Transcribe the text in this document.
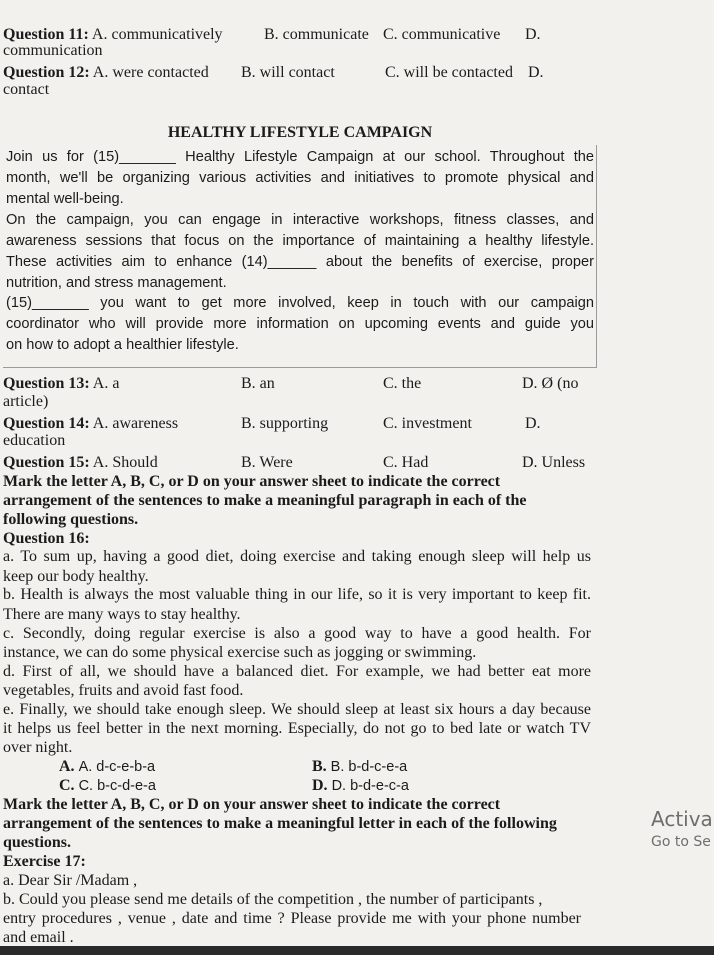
Question 11: A. communicatively	B. communicate C. communicative D.
communication
Question 12: A. were contacted B. will contact	C. will be contacted D.
contact
HEALTHY LIFESTYLE CAMPAIGN
Join us for (15)_______ Healthy Lifestyle Campaign at our school. Throughout the
month, we'll be organizing various activities and initiatives to promote physical and
mental well-being.
On the campaign, you can engage in interactive workshops, fitness classes, and
awareness sessions that focus on the importance of maintaining a healthy lifestyle.
These activities aim to enhance (14)______ about the benefits of exercise, proper
nutrition, and stress management.
(15)_______ you want to get more involved, keep in touch with our campaign
coordinator who will provide more information on upcoming events and guide you
on how to adopt a healthier lifestyle.
Question 13: A. a	B. an	C. the	D. Ø (no
article)
Question 14: A. awareness	B. supporting	C. investment	D.
education
Question 15: A. Should	B. Were	C. Had	D. Unless
Mark the letter A, B, C, or D on your answer sheet to indicate the correct
arrangement of the sentences to make a meaningful paragraph in each of the
following questions.
Question 16:
a. To sum up, having a good diet, doing exercise and taking enough sleep will help us
keep our body healthy.
b. Health is always the most valuable thing in our life, so it is very important to keep fit.
There are many ways to stay healthy.
c. Secondly, doing regular exercise is also a good way to have a good health. For
instance, we can do some physical exercise such as jogging or swimming.
d. First of all, we should have a balanced diet. For example, we had better eat more
vegetables, fruits and avoid fast food.
e. Finally, we should take enough sleep. We should sleep at least six hours a day because
it helps us feel better in the next morning. Especially, do not go to bed late or watch TV
over night.
A. A. d-c-e-b-a	B. B. b-d-c-e-a
C. C. b-c-d-e-a	D. D. b-d-e-c-a
Mark the letter A, B, C, or D on your answer sheet to indicate the correct
arrangement of the sentences to make a meaningful letter in each of the following
questions.
Exercise 17:
a. Dear Sir /Madam ,
b. Could you please send me details of the competition , the number of participants ,
entry procedures , venue , date and time ? Please provide me with your phone number
and email .
Activa
Go to Se
